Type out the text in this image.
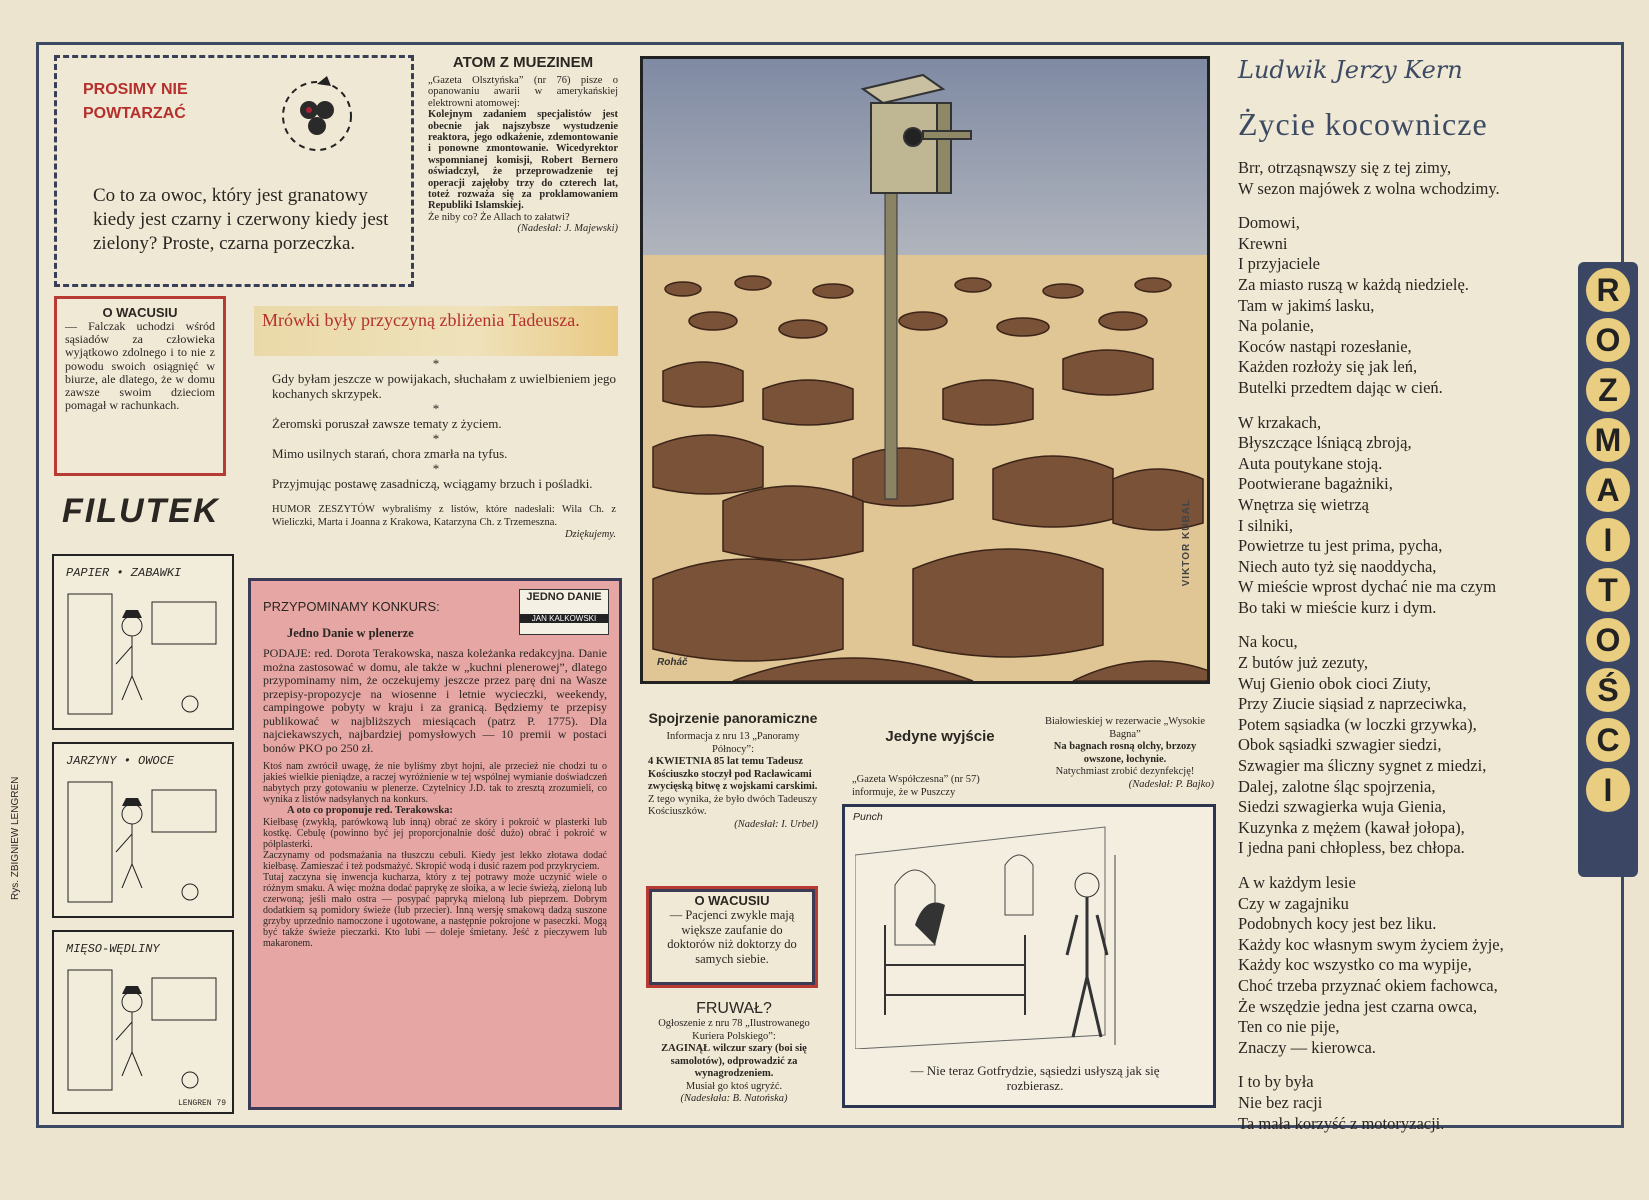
PROSIMY NIE POWTARZAĆ
Co to za owoc, który jest granatowy kiedy jest czarny i czerwony kiedy jest zielony? Proste, czarna porzeczka.
ATOM Z MUEZINEM
„Gazeta Olsztyńska” (nr 76) pisze o opanowaniu awarii w amerykańskiej elektrowni atomowej:
Kolejnym zadaniem specjalistów jest obecnie jak najszybsze wystudzenie reaktora, jego odkażenie, zdemontowanie i ponowne zmontowanie. Wicedyrektor wspomnianej komisji, Robert Bernero oświadczył, że przeprowadzenie tej operacji zajęłoby trzy do czterech lat, toteż rozważa się za proklamowaniem Republiki Islamskiej.
Że niby co? Że Allach to załatwi?
(Nadesłał: J. Majewski)
O WACUSIU
— Falczak uchodzi wśród sąsiadów za człowieka wyjątkowo zdolnego i to nie z powodu swoich osiągnięć w biurze, ale dlatego, że w domu zawsze swoim dzieciom pomagał w rachunkach.
Mrówki były przyczyną zbliżenia Tadeusza.
*
Gdy byłam jeszcze w powijakach, słuchałam z uwielbieniem jego kochanych skrzypek.
*
Żeromski poruszał zawsze tematy z życiem.
*
Mimo usilnych starań, chora zmarła na tyfus.
*
Przyjmując postawę zasadniczą, wciągamy brzuch i pośladki.
HUMOR ZESZYTÓW wybraliśmy z listów, które nadesłali: Wila Ch. z Wieliczki, Marta i Joanna z Krakowa, Katarzyna Ch. z Trzemeszna.
Dziękujemy.
FILUTEK
Rys. ZBIGNIEW LENGREN
PAPIER • ZABAWKI
JARZYNY • OWOCE
MIĘSO-WĘDLINY
LENGREN 79
PRZYPOMINAMY KONKURS:
JEDNO DANIE
JAN KALKOWSKI
Jedno Danie w plenerze
PODAJE: red. Dorota Terakowska, nasza koleżanka redakcyjna. Danie można zastosować w domu, ale także w „kuchni plenerowej”, dlatego przypominamy nim, że oczekujemy jeszcze przez parę dni na Wasze przepisy-propozycje na wiosenne i letnie wycieczki, weekendy, campingowe pobyty w kraju i za granicą. Będziemy te przepisy publikować w najbliższych miesiącach (patrz P. 1775). Dla najciekawszych, najbardziej pomysłowych — 10 premii w postaci bonów PKO po 250 zł.
Ktoś nam zwrócił uwagę, że nie byliśmy zbyt hojni, ale przecież nie chodzi tu o jakieś wielkie pieniądze, a raczej wyróżnienie w tej wspólnej wymianie doświadczeń nabytych przy gotowaniu w plenerze. Czytelnicy J.D. tak to zresztą zrozumieli, co wynika z listów nadsyłanych na konkurs.
A oto co proponuje red. Terakowska:
Kiełbasę (zwykłą, parówkową lub inną) obrać ze skóry i pokroić w plasterki lub kostkę. Cebulę (powinno być jej proporcjonalnie dość dużo) obrać i pokroić w półplasterki.
Zaczynamy od podsmażania na tłuszczu cebuli. Kiedy jest lekko złotawa dodać kiełbasę. Zamieszać i też podsmażyć. Skropić wodą i dusić razem pod przykryciem.
Tutaj zaczyna się inwencja kucharza, który z tej potrawy może uczynić wiele o różnym smaku. A więc można dodać paprykę ze słoika, a w lecie świeżą, zieloną lub czerwoną; jeśli mało ostra — posypać papryką mieloną lub pieprzem. Dobrym dodatkiem są pomidory świeże (lub przecier). Inną wersję smakową dadzą suszone grzyby uprzednio namoczone i ugotowane, a następnie pokrojone w paseczki. Mogą być także świeże pieczarki. Kto lubi — doleje śmietany. Jeść z pieczywem lub makaronem.
VIKTOR KUBAL
Roháč
Spojrzenie panoramiczne
Informacja z nru 13 „Panoramy Północy”:
4 KWIETNIA 85 lat temu Tadeusz Kościuszko stoczył pod Racławicami zwycięską bitwę z wojskami carskimi.
Z tego wynika, że było dwóch Tadeuszy Kościuszków.
(Nadesłał: I. Urbel)
O WACUSIU
— Pacjenci zwykle mają większe zaufanie do doktorów niż doktorzy do samych siebie.
FRUWAŁ?
Ogłoszenie z nru 78 „Ilustrowanego Kuriera Polskiego”:
ZAGINĄŁ wilczur szary (boi się samolotów), odprowadzić za wynagrodzeniem.
Musiał go ktoś ugryźć.
(Nadesłała: B. Natońska)
Jedyne wyjście
„Gazeta Współczesna” (nr 57) informuje, że w Puszczy
Białowieskiej w rezerwacie „Wysokie Bagna”
Na bagnach rosną olchy, brzozy owszone, łochynie.
Natychmiast zrobić dezynfekcję!
(Nadesłał: P. Bajko)
Punch
— Nie teraz Gotfrydzie, sąsiedzi usłyszą jak się rozbierasz.
Ludwik Jerzy Kern
Życie kocownicze

Brr, otrząsnąwszy się z tej zimy,
W sezon majówek z wolna wchodzimy.

Domowi,
Krewni
I przyjaciele
Za miasto ruszą w każdą niedzielę.
Tam w jakimś lasku,
Na polanie,
Koców nastąpi rozesłanie,
Każden rozłoży się jak leń,
Butelki przedtem dając w cień.

W krzakach,
Błyszczące lśniącą zbroją,
Auta poutykane stoją.
Pootwierane bagażniki,
Wnętrza się wietrzą
I silniki,
Powietrze tu jest prima, pycha,
Niech auto tyż się naoddycha,
W mieście wprost dychać nie ma czym
Bo taki w mieście kurz i dym.

Na kocu,
Z butów już zezuty,
Wuj Gienio obok cioci Ziuty,
Przy Ziucie siąsiad z naprzeciwka,
Potem sąsiadka (w loczki grzywka),
Obok sąsiadki szwagier siedzi,
Szwagier ma śliczny sygnet z miedzi,
Dalej, zalotne śląc spojrzenia,
Siedzi szwagierka wuja Gienia,
Kuzynka z mężem (kawał jołopa),
I jedna pani chłopless, bez chłopa.

A w każdym lesie
Czy w zagajniku
Podobnych kocy jest bez liku.
Każdy koc własnym swym życiem żyje,
Każdy koc wszystko co ma wypije,
Choć trzeba przyznać okiem fachowca,
Że wszędzie jedna jest czarna owca,
Ten co nie pije,
Znaczy — kierowca.

I to by była
Nie bez racji
Ta mała korzyść z motoryzacji.

R
O
Z
M
A
I
T
O
Ś
C
I
